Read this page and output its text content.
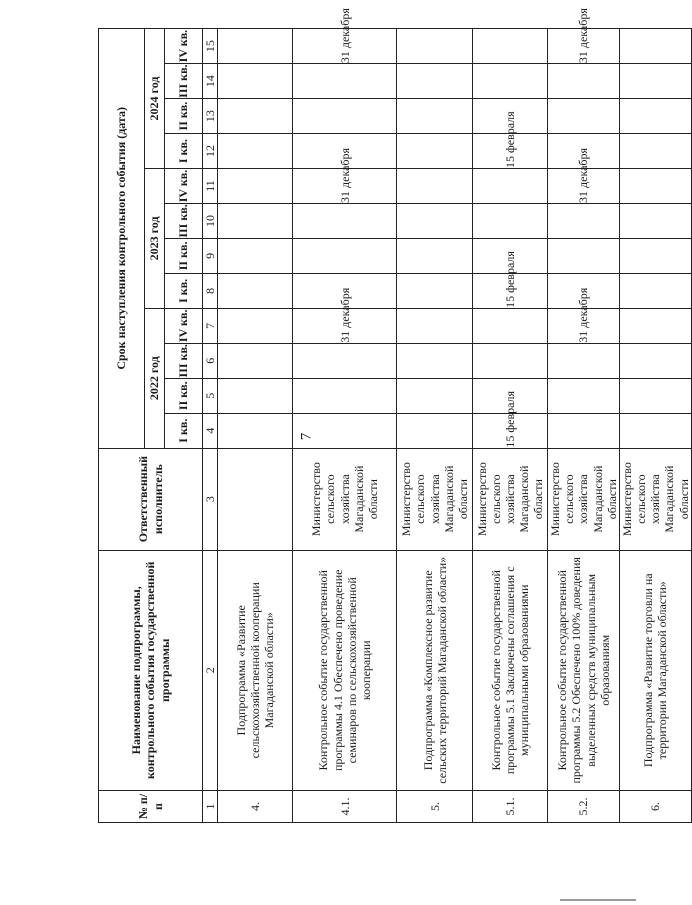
7
№ п/п	Наименование подпрограммы, контрольного события государственной программы	Ответственный исполнитель	Срок наступления контрольного события (дата)											
			2022 год				2023 год				2024 год			
			I кв.	II кв.	III кв.	IV кв.	I кв.	II кв.	III кв.	IV кв.	I кв.	II кв.	III кв.	IV кв.
1	2	3	4	5	6	7	8	9	10	11	12	13	14	15
4.	Подпрограмма «Развитие сельскохозяйственной кооперации Магаданской области»													
4.1.	Контрольное событие государственной программы 4.1 Обеспечено проведение семинаров по сельскохозяйственной кооперации	Министерство сельского хозяйства Магаданской области				31 декабря				31 декабря				31 декабря
5.	Подпрограмма «Комплексное развитие сельских территорий Магаданской области»	Министерство сельского хозяйства Магаданской области												
5.1.	Контрольное событие государственной программы 5.1 Заключены соглашения с муниципальными образованиями	Министерство сельского хозяйства Магаданской области	15 февраля				15 февраля				15 февраля			
5.2.	Контрольное событие государственной программы 5.2 Обеспечено 100% доведения выделенных средств муниципальным образованиям	Министерство сельского хозяйства Магаданской области				31 декабря				31 декабря				31 декабря
6.	Подпрограмма «Развитие торговли на территории Магаданской области»	Министерство сельского хозяйства Магаданской области												
